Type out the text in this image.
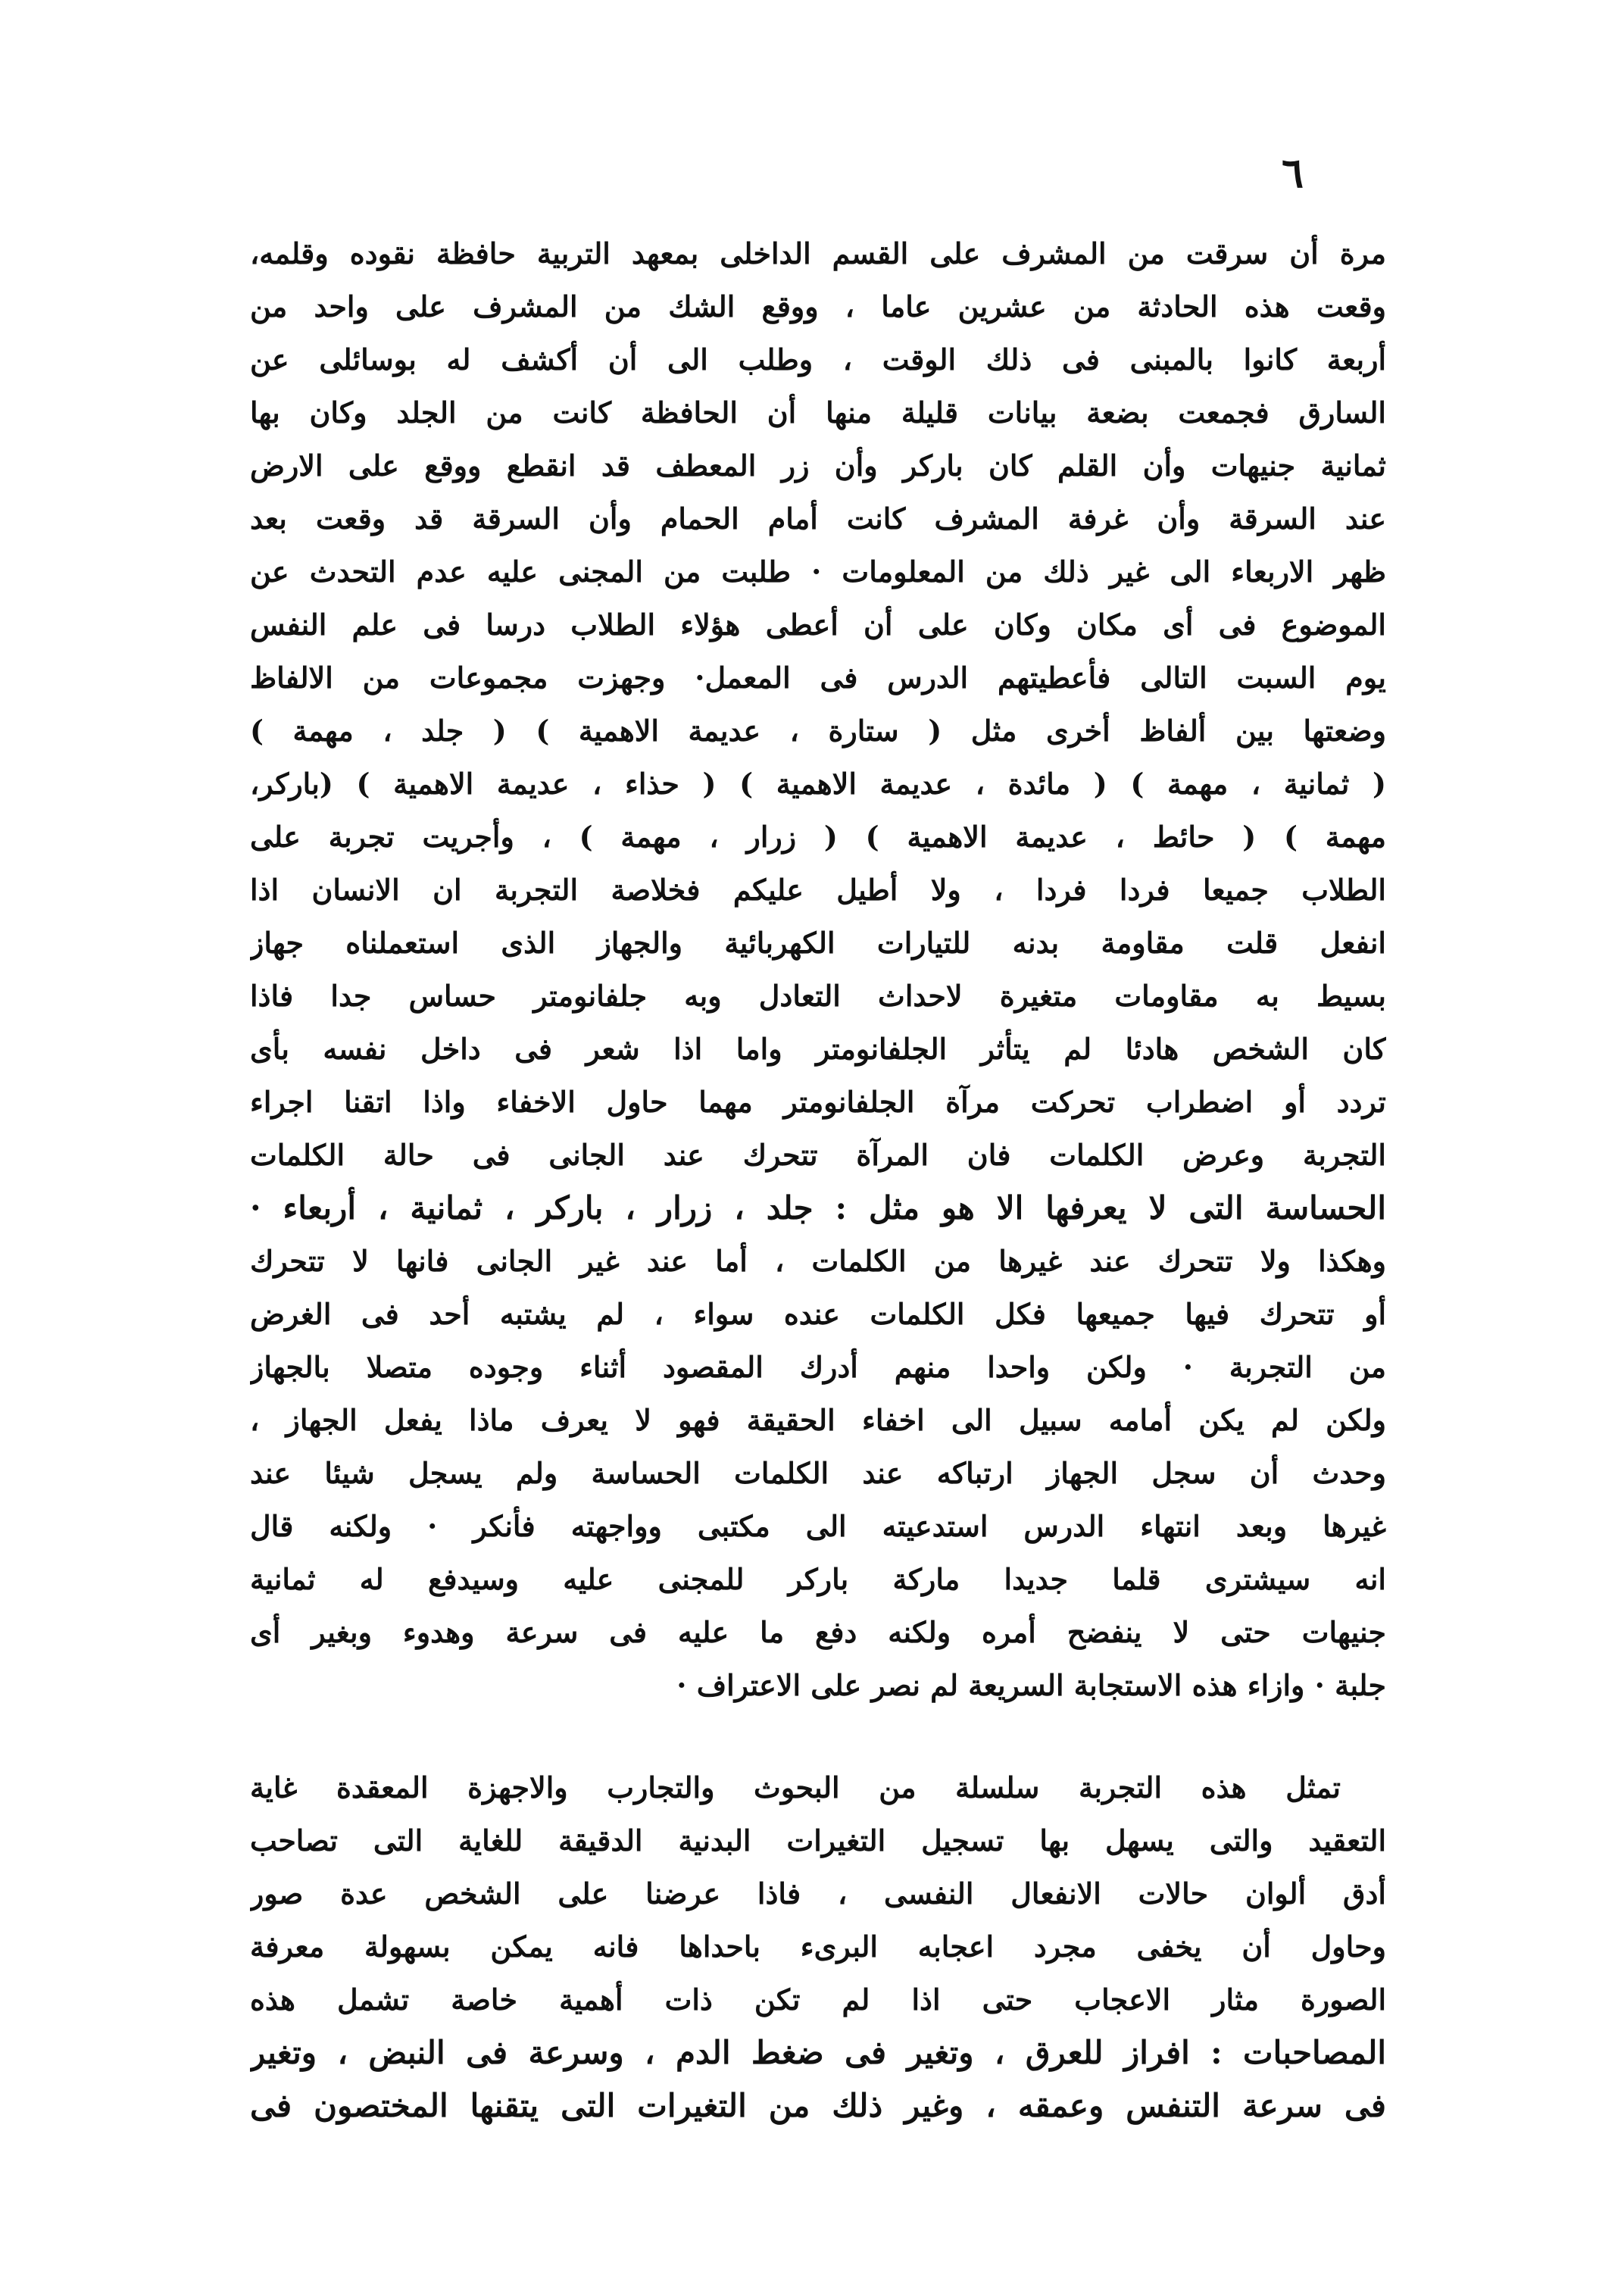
٦
مرة أن سرقت من المشرف على القسم الداخلى بمعهد التربية حافظة نقوده وقلمه،
وقعت هذه الحادثة من عشرين عاما ، ووقع الشك من المشرف على واحد من
أربعة كانوا بالمبنى فى ذلك الوقت ، وطلب الى أن أكشف له بوسائلى عن
السارق فجمعت بضعة بيانات قليلة منها أن الحافظة كانت من الجلد وكان بها
ثمانية جنيهات وأن القلم كان باركر وأن زر المعطف قد انقطع ووقع على الارض
عند السرقة وأن غرفة المشرف كانت أمام الحمام وأن السرقة قد وقعت بعد
ظهر الاربعاء الى غير ذلك من المعلومات · طلبت من المجنى عليه عدم التحدث عن
الموضوع فى أى مكان وكان على أن أعطى هؤلاء الطلاب درسا فى علم النفس
يوم السبت التالى فأعطيتهم الدرس فى المعمل· وجهزت مجموعات من الالفاظ
وضعتها بين ألفاظ أخرى مثل ( ستارة ، عديمة الاهمية ) ( جلد ، مهمة )
( ثمانية ، مهمة ) ( مائدة ، عديمة الاهمية ) ( حذاء ، عديمة الاهمية ) (باركر،
مهمة ) ( حائط ، عديمة الاهمية ) ( زرار ، مهمة ) ، وأجريت تجربة على
الطلاب جميعا فردا فردا ، ولا أطيل عليكم فخلاصة التجربة ان الانسان اذا
انفعل قلت مقاومة بدنه للتيارات الكهربائية والجهاز الذى استعملناه جهاز
بسيط به مقاومات متغيرة لاحداث التعادل وبه جلفانومتر حساس جدا فاذا
كان الشخص هادئا لم يتأثر الجلفانومتر واما اذا شعر فى داخل نفسه بأى
تردد أو اضطراب تحركت مرآة الجلفانومتر مهما حاول الاخفاء واذا اتقنا اجراء
التجربة وعرض الكلمات فان المرآة تتحرك عند الجانى فى حالة الكلمات
الحساسة التى لا يعرفها الا هو مثل : جلد ، زرار ، باركر ، ثمانية ، أربعاء ·
وهكذا ولا تتحرك عند غيرها من الكلمات ، أما عند غير الجانى فانها لا تتحرك
أو تتحرك فيها جميعها فكل الكلمات عنده سواء ، لم يشتبه أحد فى الغرض
من التجربة · ولكن واحدا منهم أدرك المقصود أثناء وجوده متصلا بالجهاز
ولكن لم يكن أمامه سبيل الى اخفاء الحقيقة فهو لا يعرف ماذا يفعل الجهاز ،
وحدث أن سجل الجهاز ارتباكه عند الكلمات الحساسة ولم يسجل شيئا عند
غيرها وبعد انتهاء الدرس استدعيته الى مكتبى وواجهته فأنكر · ولكنه قال
انه سيشترى قلما جديدا ماركة باركر للمجنى عليه وسيدفع له ثمانية
جنيهات حتى لا ينفضح أمره ولكنه دفع ما عليه فى سرعة وهدوء وبغير أى
جلبة · وازاء هذه الاستجابة السريعة لم نصر على الاعتراف ·
تمثل هذه التجربة سلسلة من البحوث والتجارب والاجهزة المعقدة غاية
التعقيد والتى يسهل بها تسجيل التغيرات البدنية الدقيقة للغاية التى تصاحب
أدق ألوان حالات الانفعال النفسى ، فاذا عرضنا على الشخص عدة صور
وحاول أن يخفى مجرد اعجابه البرىء باحداها فانه يمكن بسهولة معرفة
الصورة مثار الاعجاب حتى اذا لم تكن ذات أهمية خاصة تشمل هذه
المصاحبات : افراز للعرق ، وتغير فى ضغط الدم ، وسرعة فى النبض ، وتغير
فى سرعة التنفس وعمقه ، وغير ذلك من التغيرات التى يتقنها المختصون فى
